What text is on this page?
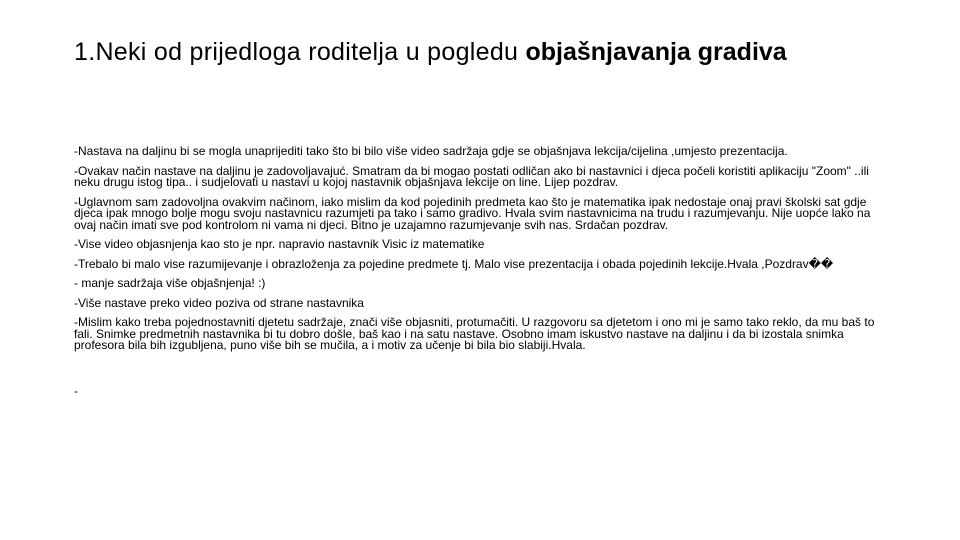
1.Neki od prijedloga roditelja u pogledu objašnjavanja gradiva

-Nastava na daljinu bi se mogla unaprijediti tako što bi bilo više video sadržaja gdje se objašnjava lekcija/cijelina ,umjesto prezentacija.

-Ovakav način nastave na daljinu je zadovoljavajuć. Smatram da bi mogao postati odličan ako bi nastavnici i djeca počeli koristiti aplikaciju "Zoom" ..ili neku drugu istog tipa.. i sudjelovati u nastavi u kojoj nastavnik objašnjava lekcije on line. Lijep pozdrav.

-Uglavnom sam zadovoljna ovakvim načinom, iako mislim da kod pojedinih predmeta kao što je matematika ipak nedostaje onaj pravi školski sat gdje djeca ipak mnogo bolje mogu svoju nastavnicu razumjeti pa tako i samo gradivo. Hvala svim nastavnicima na trudu i razumjevanju. Nije uopće lako na ovaj način imati sve pod kontrolom ni vama ni djeci. Bitno je uzajamno razumjevanje svih nas. Srdačan pozdrav.

-Vise video objasnjenja kao sto je npr. napravio nastavnik Visic iz matematike

-Trebalo bi malo vise razumijevanje i obrazloženja za pojedine predmete tj. Malo vise prezentacija i obada pojedinih lekcije.Hvala ,Pozdrav��

- manje sadržaja više objašnjenja! :)

-Više nastave preko video poziva od strane nastavnika

-Mislim kako treba pojednostavniti djetetu sadržaje, znači više objasniti, protumačiti. U razgovoru sa djetetom i ono mi je samo tako reklo, da mu baš to fali. Snimke predmetnih nastavnika bi tu dobro došle, baš kao i na satu nastave. Osobno imam iskustvo nastave na daljinu i da bi izostala snimka profesora bila bih izgubljena, puno više bih se mučila, a i motiv za učenje bi bila bio slabiji.Hvala.

-
